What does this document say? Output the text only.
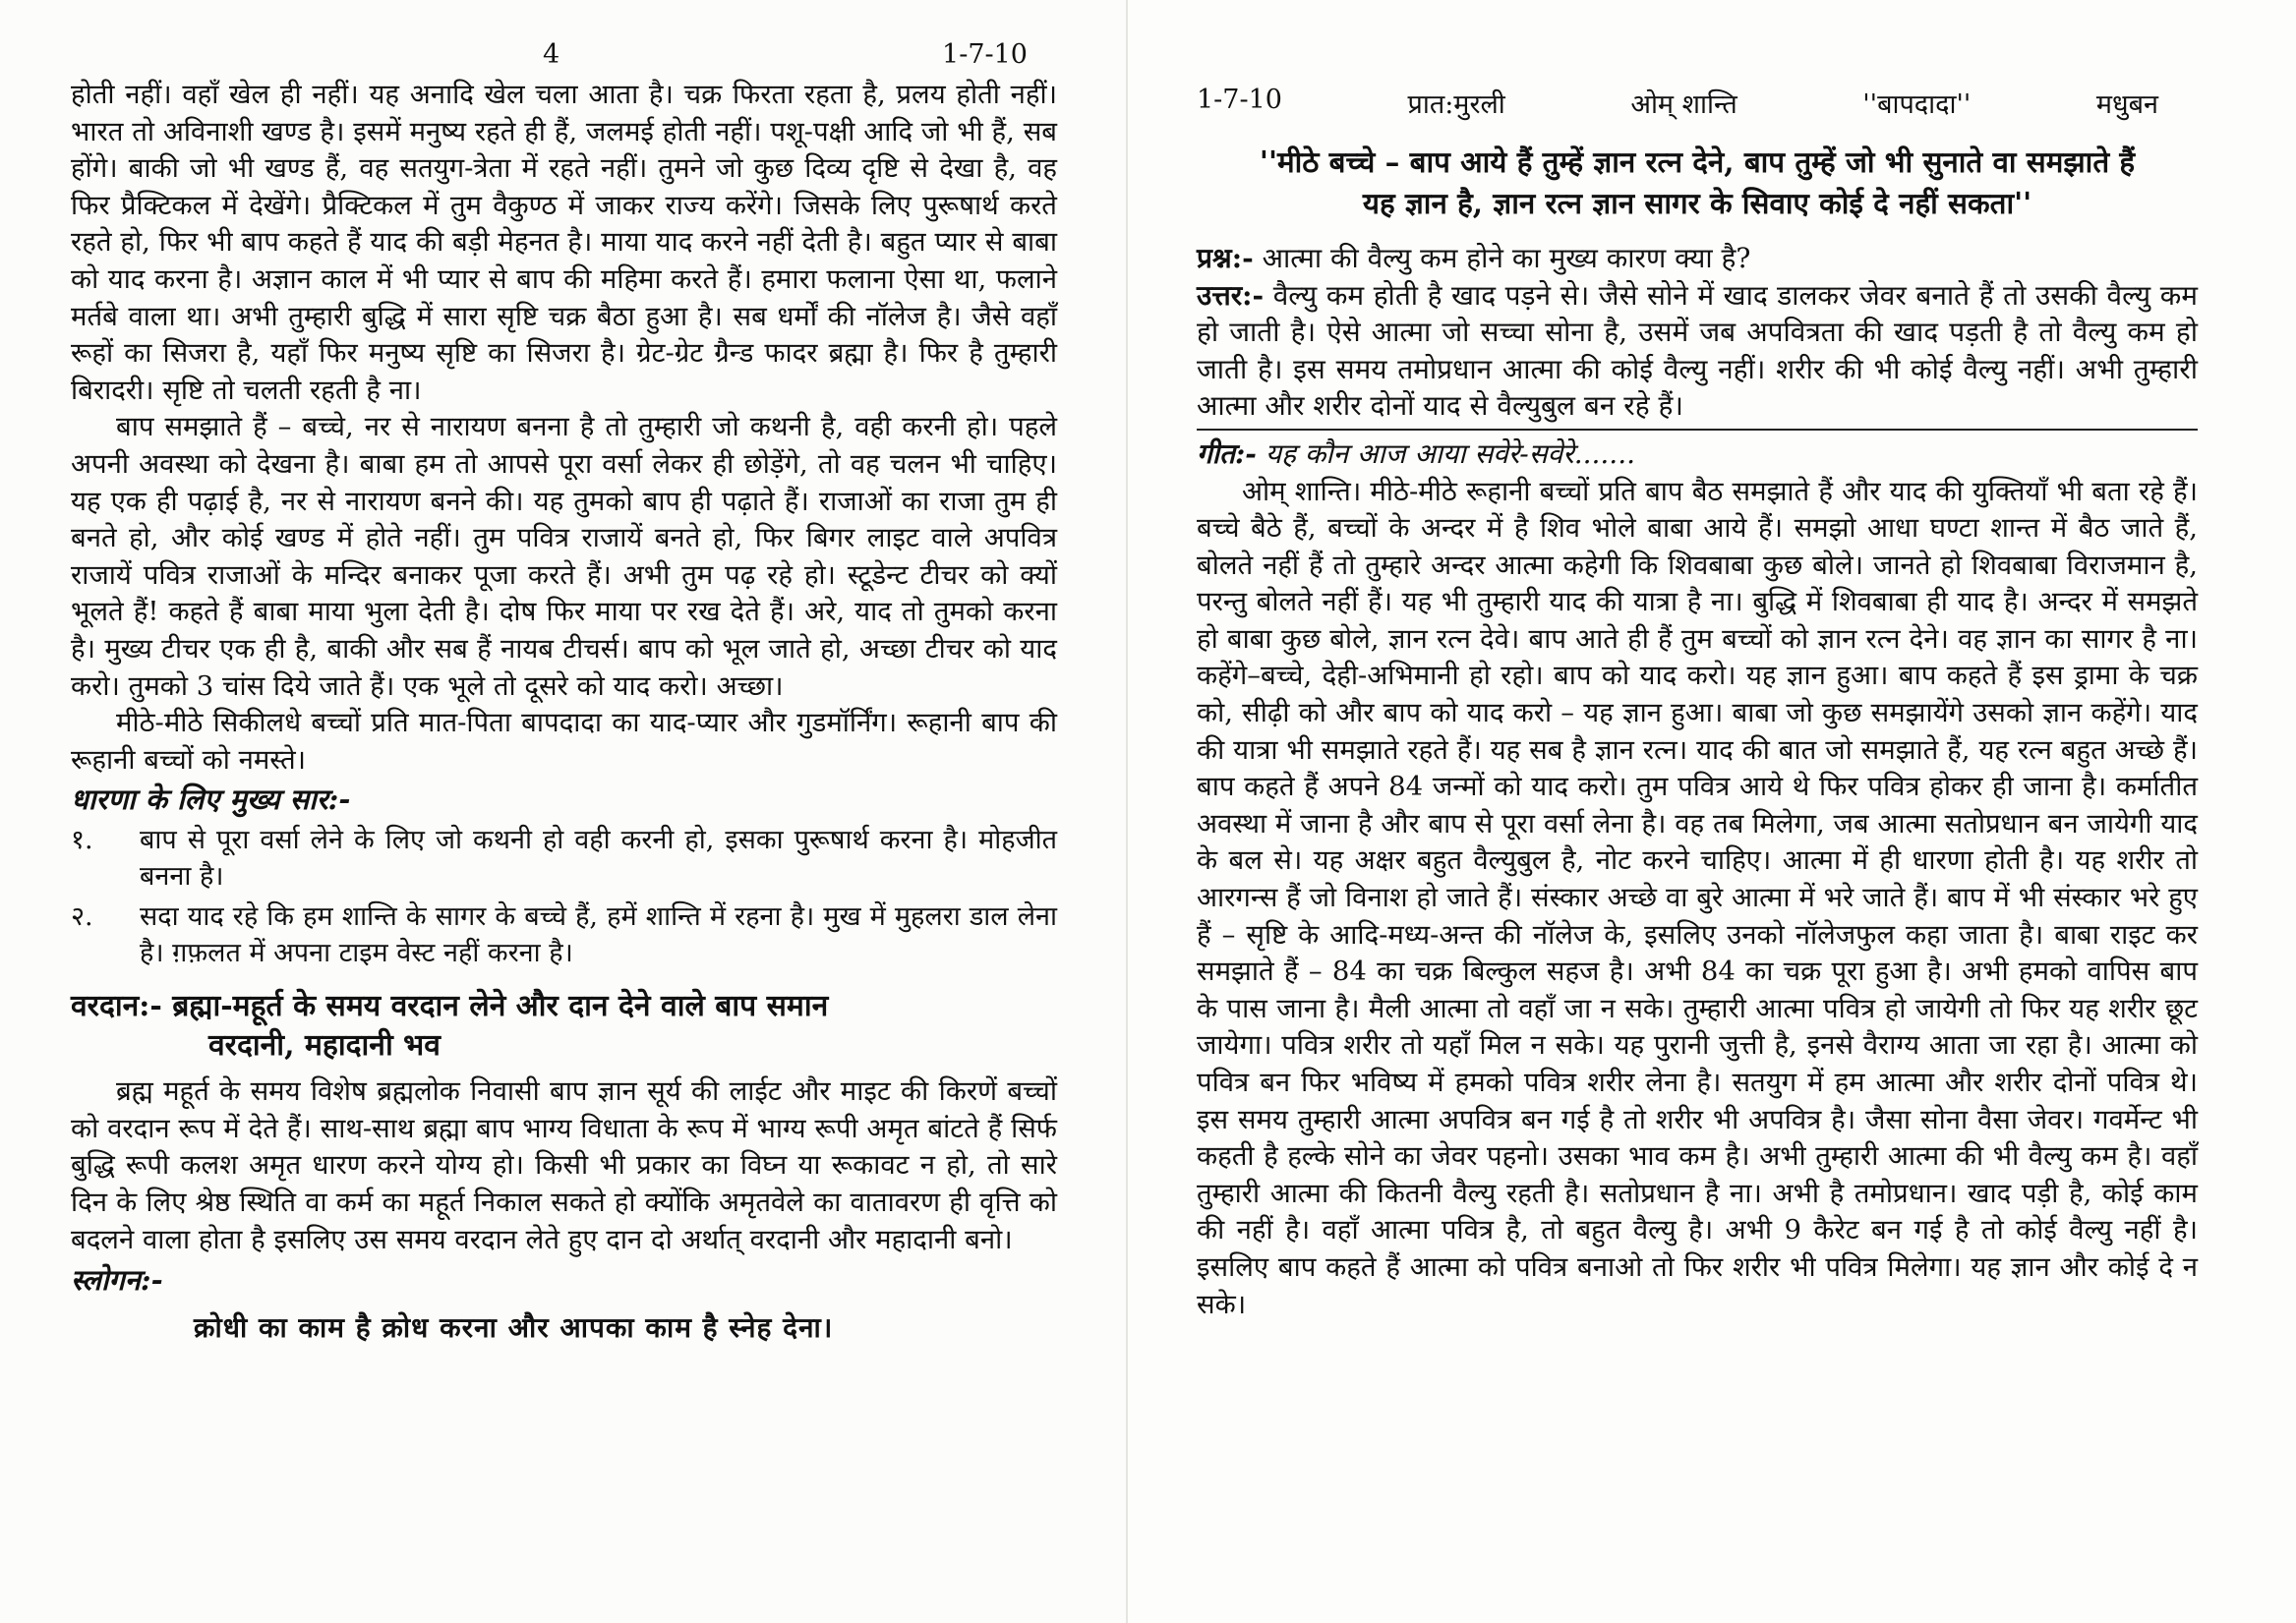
4	1-7-10

होती नहीं। वहाँ खेल ही नहीं। यह अनादि खेल चला आता है। चक्र फिरता रहता है, प्रलय होती नहीं। भारत तो अविनाशी खण्ड है। इसमें मनुष्य रहते ही हैं, जलमई होती नहीं। पशू-पक्षी आदि जो भी हैं, सब होंगे। बाकी जो भी खण्ड हैं, वह सतयुग-त्रेता में रहते नहीं। तुमने जो कुछ दिव्य दृष्टि से देखा है, वह फिर प्रैक्टिकल में देखेंगे। प्रैक्टिकल में तुम वैकुण्ठ में जाकर राज्य करेंगे। जिसके लिए पुरूषार्थ करते रहते हो, फिर भी बाप कहते हैं याद की बड़ी मेहनत है। माया याद करने नहीं देती है। बहुत प्यार से बाबा को याद करना है। अज्ञान काल में भी प्यार से बाप की महिमा करते हैं। हमारा फलाना ऐसा था, फलाने मर्तबे वाला था। अभी तुम्हारी बुद्धि में सारा सृष्टि चक्र बैठा हुआ है। सब धर्मों की नॉलेज है। जैसे वहाँ रूहों का सिजरा है, यहाँ फिर मनुष्य सृष्टि का सिजरा है। ग्रेट-ग्रेट ग्रैन्ड फादर ब्रह्मा है। फिर है तुम्हारी बिरादरी। सृष्टि तो चलती रहती है ना।

बाप समझाते हैं – बच्चे, नर से नारायण बनना है तो तुम्हारी जो कथनी है, वही करनी हो। पहले अपनी अवस्था को देखना है। बाबा हम तो आपसे पूरा वर्सा लेकर ही छोड़ेंगे, तो वह चलन भी चाहिए। यह एक ही पढ़ाई है, नर से नारायण बनने की। यह तुमको बाप ही पढ़ाते हैं। राजाओं का राजा तुम ही बनते हो, और कोई खण्ड में होते नहीं। तुम पवित्र राजायें बनते हो, फिर बिगर लाइट वाले अपवित्र राजायें पवित्र राजाओं के मन्दिर बनाकर पूजा करते हैं। अभी तुम पढ़ रहे हो। स्टूडेन्ट टीचर को क्यों भूलते हैं! कहते हैं बाबा माया भुला देती है। दोष फिर माया पर रख देते हैं। अरे, याद तो तुमको करना है। मुख्य टीचर एक ही है, बाकी और सब हैं नायब टीचर्स। बाप को भूल जाते हो, अच्छा टीचर को याद करो। तुमको 3 चांस दिये जाते हैं। एक भूले तो दूसरे को याद करो। अच्छा।

मीठे-मीठे सिकीलधे बच्चों प्रति मात-पिता बापदादा का याद-प्यार और गुडमॉर्निंग। रूहानी बाप की रूहानी बच्चों को नमस्ते।

धारणा के लिए मुख्य सार:-
१.	बाप से पूरा वर्सा लेने के लिए जो कथनी हो वही करनी हो, इसका पुरूषार्थ करना है। मोहजीत बनना है।
२.	सदा याद रहे कि हम शान्ति के सागर के बच्चे हैं, हमें शान्ति में रहना है। मुख में मुहलरा डाल लेना है। ग़फ़लत में अपना टाइम वेस्ट नहीं करना है।
वरदान:- ब्रह्मा-महूर्त के समय वरदान लेने और दान देने वाले बाप समान
वरदानी, महादानी भव

ब्रह्म महूर्त के समय विशेष ब्रह्मलोक निवासी बाप ज्ञान सूर्य की लाईट और माइट की किरणें बच्चों को वरदान रूप में देते हैं। साथ-साथ ब्रह्मा बाप भाग्य विधाता के रूप में भाग्य रूपी अमृत बांटते हैं सिर्फ बुद्धि रूपी कलश अमृत धारण करने योग्य हो। किसी भी प्रकार का विघ्न या रूकावट न हो, तो सारे दिन के लिए श्रेष्ठ स्थिति वा कर्म का महूर्त निकाल सकते हो क्योंकि अमृतवेले का वातावरण ही वृत्ति को बदलने वाला होता है इसलिए उस समय वरदान लेते हुए दान दो अर्थात् वरदानी और महादानी बनो।

स्लोगन:-
क्रोधी का काम है क्रोध करना और आपका काम है स्नेह देना।
1-7-10	प्रात:मुरली	ओम् शान्ति	''बापदादा''	मधुबन
''मीठे बच्चे – बाप आये हैं तुम्हें ज्ञान रत्न देने, बाप तुम्हें जो भी सुनाते वा समझाते हैं
यह ज्ञान है, ज्ञान रत्न ज्ञान सागर के सिवाए कोई दे नहीं सकता''

प्रश्न:- आत्मा की वैल्यु कम होने का मुख्य कारण क्या है?

उत्तर:- वैल्यु कम होती है खाद पड़ने से। जैसे सोने में खाद डालकर जेवर बनाते हैं तो उसकी वैल्यु कम हो जाती है। ऐसे आत्मा जो सच्चा सोना है, उसमें जब अपवित्रता की खाद पड़ती है तो वैल्यु कम हो जाती है। इस समय तमोप्रधान आत्मा की कोई वैल्यु नहीं। शरीर की भी कोई वैल्यु नहीं। अभी तुम्हारी आत्मा और शरीर दोनों याद से वैल्युबुल बन रहे हैं।

गीत:- यह कौन आज आया सवेरे-सवेरे.......

ओम् शान्ति। मीठे-मीठे रूहानी बच्चों प्रति बाप बैठ समझाते हैं और याद की युक्तियाँ भी बता रहे हैं। बच्चे बैठे हैं, बच्चों के अन्दर में है शिव भोले बाबा आये हैं। समझो आधा घण्टा शान्त में बैठ जाते हैं, बोलते नहीं हैं तो तुम्हारे अन्दर आत्मा कहेगी कि शिवबाबा कुछ बोले। जानते हो शिवबाबा विराजमान है, परन्तु बोलते नहीं हैं। यह भी तुम्हारी याद की यात्रा है ना। बुद्धि में शिवबाबा ही याद है। अन्दर में समझते हो बाबा कुछ बोले, ज्ञान रत्न देवे। बाप आते ही हैं तुम बच्चों को ज्ञान रत्न देने। वह ज्ञान का सागर है ना। कहेंगे–बच्चे, देही-अभिमानी हो रहो। बाप को याद करो। यह ज्ञान हुआ। बाप कहते हैं इस ड्रामा के चक्र को, सीढ़ी को और बाप को याद करो – यह ज्ञान हुआ। बाबा जो कुछ समझायेंगे उसको ज्ञान कहेंगे। याद की यात्रा भी समझाते रहते हैं। यह सब है ज्ञान रत्न। याद की बात जो समझाते हैं, यह रत्न बहुत अच्छे हैं। बाप कहते हैं अपने 84 जन्मों को याद करो। तुम पवित्र आये थे फिर पवित्र होकर ही जाना है। कर्मातीत अवस्था में जाना है और बाप से पूरा वर्सा लेना है। वह तब मिलेगा, जब आत्मा सतोप्रधान बन जायेगी याद के बल से। यह अक्षर बहुत वैल्युबुल है, नोट करने चाहिए। आत्मा में ही धारणा होती है। यह शरीर तो आरगन्स हैं जो विनाश हो जाते हैं। संस्कार अच्छे वा बुरे आत्मा में भरे जाते हैं। बाप में भी संस्कार भरे हुए हैं – सृष्टि के आदि-मध्य-अन्त की नॉलेज के, इसलिए उनको नॉलेजफुल कहा जाता है। बाबा राइट कर समझाते हैं – 84 का चक्र बिल्कुल सहज है। अभी 84 का चक्र पूरा हुआ है। अभी हमको वापिस बाप के पास जाना है। मैली आत्मा तो वहाँ जा न सके। तुम्हारी आत्मा पवित्र हो जायेगी तो फिर यह शरीर छूट जायेगा। पवित्र शरीर तो यहाँ मिल न सके। यह पुरानी जुत्ती है, इनसे वैराग्य आता जा रहा है। आत्मा को पवित्र बन फिर भविष्य में हमको पवित्र शरीर लेना है। सतयुग में हम आत्मा और शरीर दोनों पवित्र थे। इस समय तुम्हारी आत्मा अपवित्र बन गई है तो शरीर भी अपवित्र है। जैसा सोना वैसा जेवर। गवर्मेन्ट भी कहती है हल्के सोने का जेवर पहनो। उसका भाव कम है। अभी तुम्हारी आत्मा की भी वैल्यु कम है। वहाँ तुम्हारी आत्मा की कितनी वैल्यु रहती है। सतोप्रधान है ना। अभी है तमोप्रधान। खाद पड़ी है, कोई काम की नहीं है। वहाँ आत्मा पवित्र है, तो बहुत वैल्यु है। अभी 9 कैरेट बन गई है तो कोई वैल्यु नहीं है। इसलिए बाप कहते हैं आत्मा को पवित्र बनाओ तो फिर शरीर भी पवित्र मिलेगा। यह ज्ञान और कोई दे न सके।
